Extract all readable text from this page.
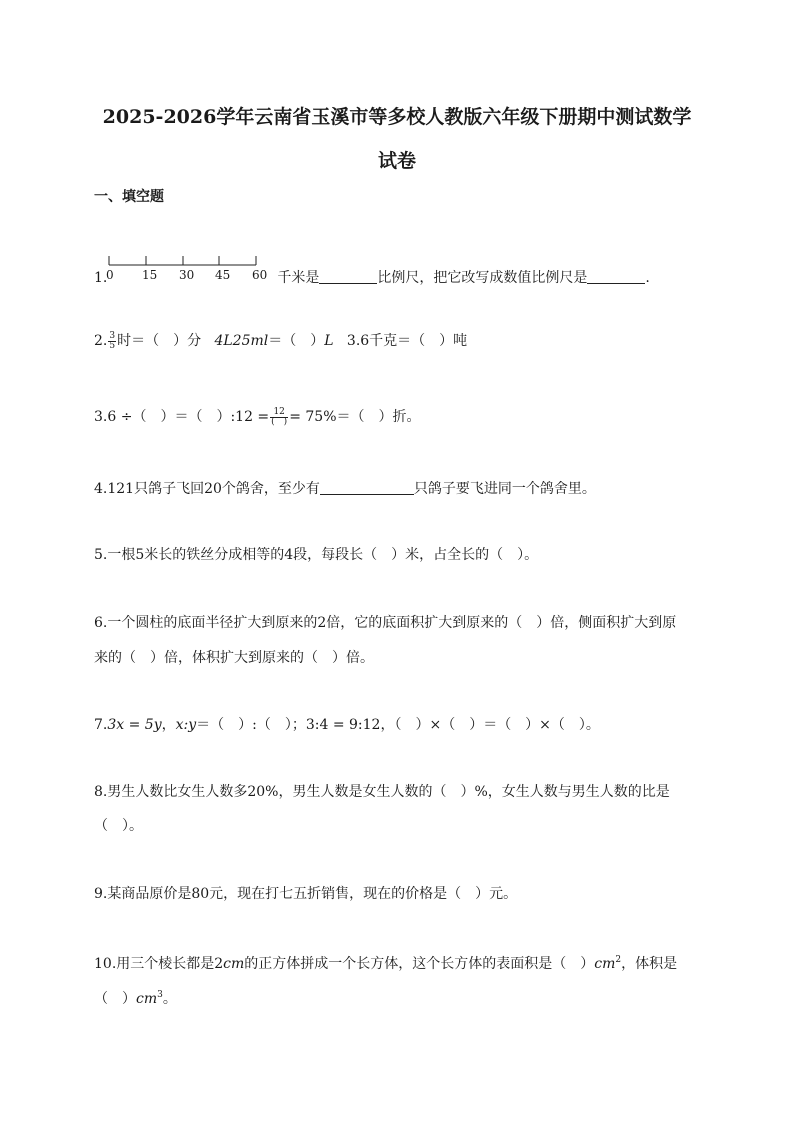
2025-2026学年云南省玉溪市等多校人教版六年级下册期中测试数学
试卷
一、填空题
0 15 30 45 60
1.	千米是	比例尺，把它改写成数值比例尺是	.
2. $\frac{3}{5}$ 时＝（　）分 4L25ml＝（　）L 3.6千克＝（　）吨
3.6 ÷（　）＝（　）:12 = $\frac{12}{( )} = 75\%=$（　）折。
4.121只鸽子飞回20个鸽舍，至少有	只鸽子要飞进同一个鸽舍里。
5.一根5米长的铁丝分成相等的4段，每段长（　）米，占全长的（　）。
6.一个圆柱的底面半径扩大到原来的2倍，它的底面积扩大到原来的（　）倍，侧面积扩大到原
来的（　）倍，体积扩大到原来的（　）倍。
7.3x = 5y，x:y＝（　）:（　）；3:4 = 9:12，（　）×（　）＝（　）×（　）。
8.男生人数比女生人数多20%，男生人数是女生人数的（　）%，女生人数与男生人数的比是
（　）。
9.某商品原价是80元，现在打七五折销售，现在的价格是（　）元。
10.用三个棱长都是2cm的正方体拼成一个长方体，这个长方体的表面积是（　）$cm^2$，体积是
（　）$cm^3$。
